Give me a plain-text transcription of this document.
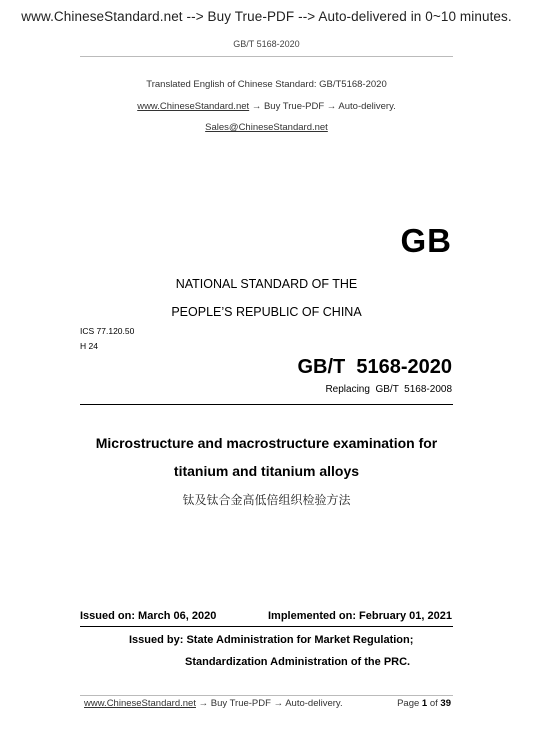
www.ChineseStandard.net --> Buy True-PDF --> Auto-delivered in 0~10 minutes.
GB/T 5168-2020
Translated English of Chinese Standard: GB/T5168-2020
www.ChineseStandard.net → Buy True-PDF → Auto-delivery.
Sales@ChineseStandard.net
GB
NATIONAL STANDARD OF THE
PEOPLE’S REPUBLIC OF CHINA
ICS 77.120.50
H 24
GB/T  5168-2020
Replacing  GB/T  5168-2008
Microstructure and macrostructure examination for
titanium and titanium alloys
钛及钛合金高低倍组织检验方法
Issued on: March 06, 2020	Implemented on: February 01, 2021
Issued by: State Administration for Market Regulation;
Standardization Administration of the PRC.
www.ChineseStandard.net → Buy True-PDF → Auto-delivery.	Page 1 of 39
